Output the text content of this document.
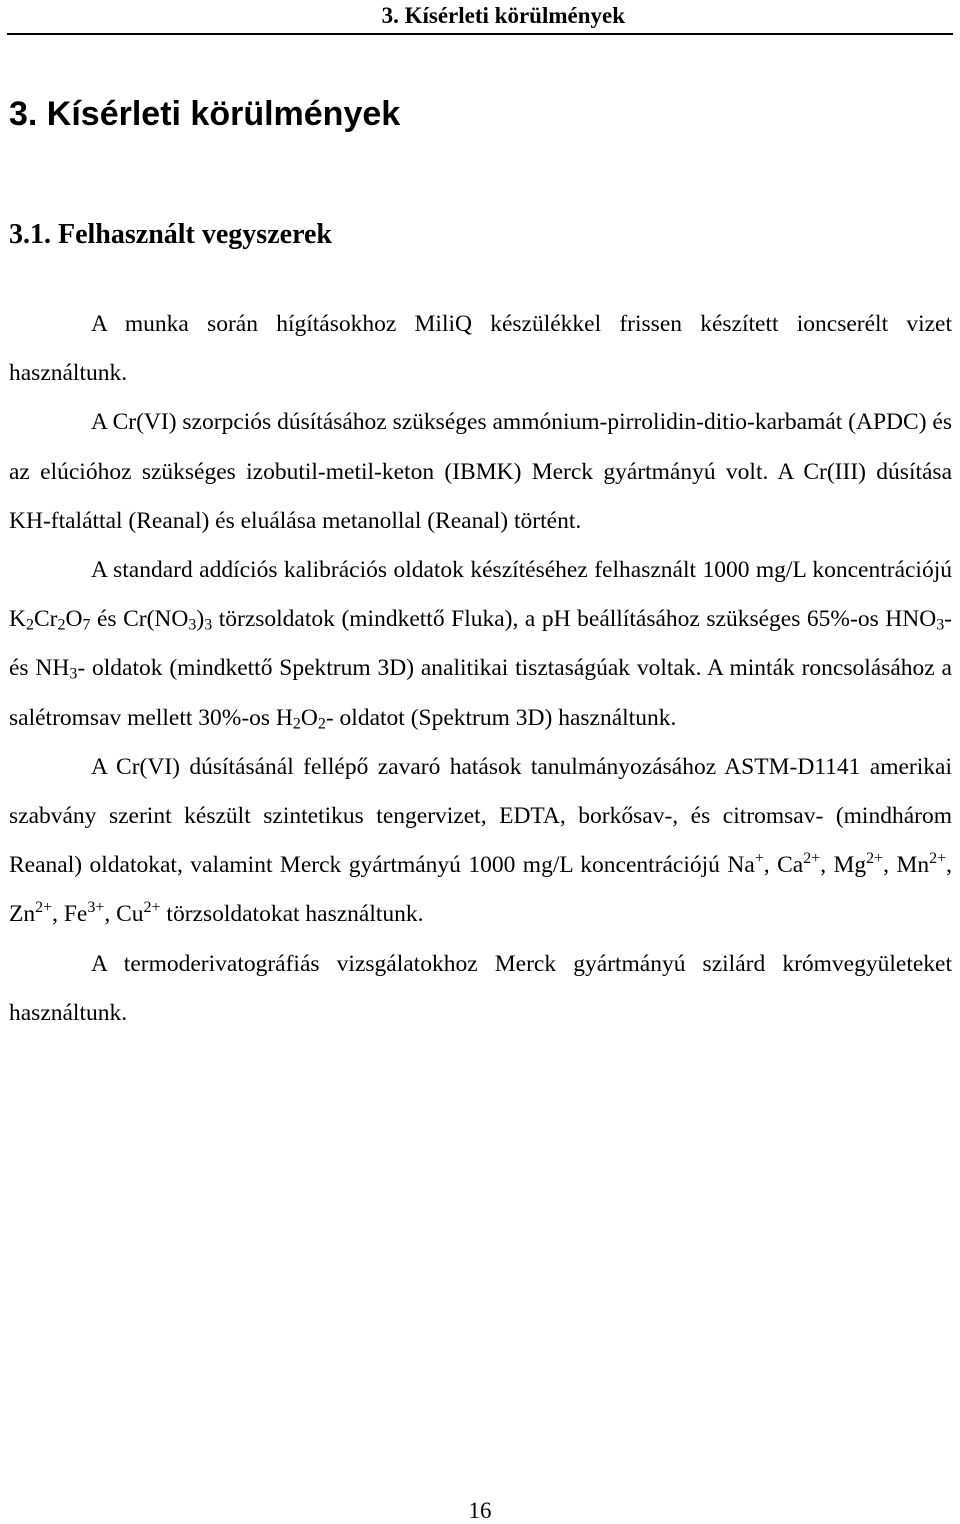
3. Kísérleti körülmények
3. Kísérleti körülmények
3.1. Felhasznált vegyszerek

A munka során hígításokhoz MiliQ készülékkel frissen készített ioncserélt vizet használtunk.

A Cr(VI) szorpciós dúsításához szükséges ammónium-pirrolidin-ditio-karbamát (APDC) és az elúcióhoz szükséges izobutil-metil-keton (IBMK) Merck gyártmányú volt. A Cr(III) dúsítása KH-ftaláttal (Reanal) és eluálása metanollal (Reanal) történt.

A standard addíciós kalibrációs oldatok készítéséhez felhasznált 1000 mg/L koncentrációjú $K_2Cr_2O_7$ és $Cr(NO_3)_3$ törzsoldatok (mindkettő Fluka), a pH beállításához szükséges 65%-os $HNO_3-$ és $NH_3-$ oldatok (mindkettő Spektrum 3D) analitikai tisztaságúak voltak. A minták roncsolásához a salétromsav mellett 30%-os $H_2O_2-$ oldatot (Spektrum 3D) használtunk.

A Cr(VI) dúsításánál fellépő zavaró hatások tanulmányozásához ASTM-D1141 amerikai szabvány szerint készült szintetikus tengervizet, EDTA, borkősav-, és citromsav- (mindhárom Reanal) oldatokat, valamint Merck gyártmányú 1000 mg/L koncentrációjú Na+, $Ca^{2+}$, $Mg^{2+}$, $Mn^{2+}$, $Zn^{2+}$, $Fe^{3+}$, $Cu^{2+}$ törzsoldatokat használtunk.

A termoderivatográfiás vizsgálatokhoz Merck gyártmányú szilárd krómvegyületeket használtunk.

16
